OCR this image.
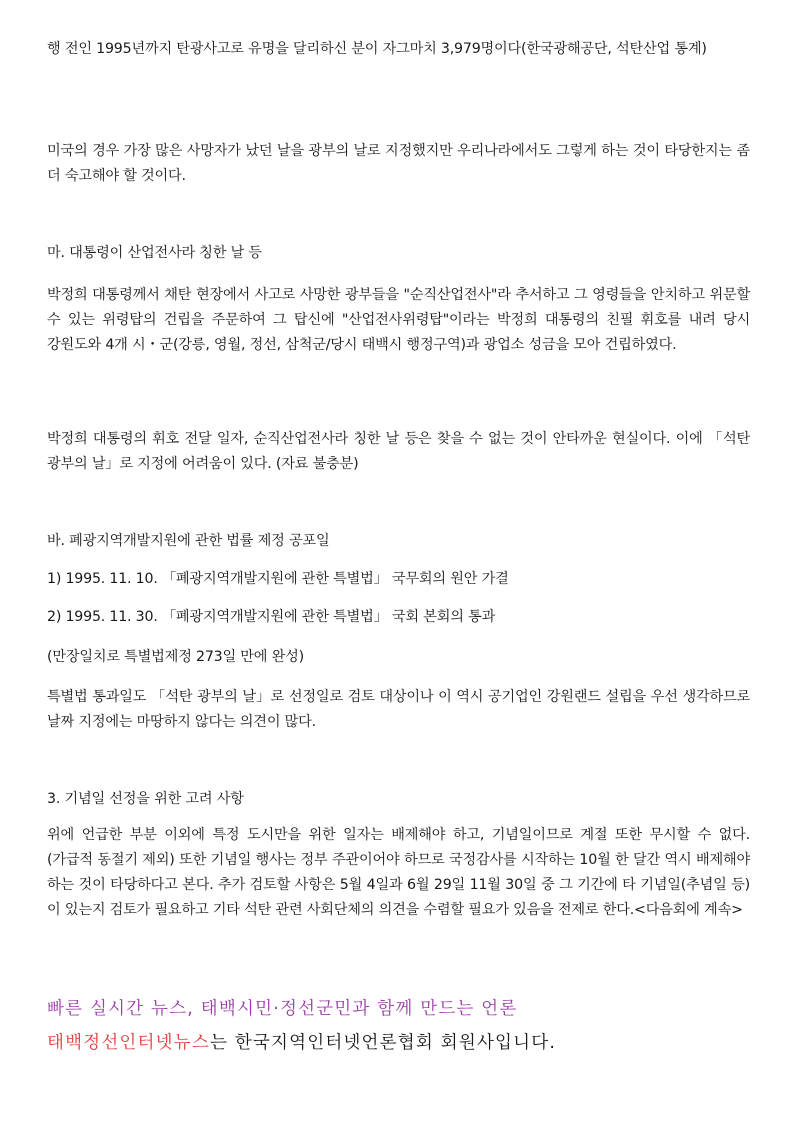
행 전인 1995년까지 탄광사고로 유명을 달리하신 분이 자그마치 3,979명이다(한국광해공단, 석탄산업 통계)
미국의 경우 가장 많은 사망자가 났던 날을 광부의 날로 지정했지만 우리나라에서도 그렇게 하는 것이 타당한지는 좀 더 숙고해야 할 것이다.
마. 대통령이 산업전사라 칭한 날 등
박정희 대통령께서 채탄 현장에서 사고로 사망한 광부들을 "순직산업전사"라 추서하고 그 영령들을 안치하고 위문할 수 있는 위령탑의 건립을 주문하여 그 탑신에 "산업전사위령탑"이라는 박정희 대통령의 친필 휘호를 내려 당시 강원도와 4개 시・군(강릉, 영월, 정선, 삼척군/당시 태백시 행정구역)과 광업소 성금을 모아 건립하였다.
박정희 대통령의 휘호 전달 일자, 순직산업전사라 칭한 날 등은 찾을 수 없는 것이 안타까운 현실이다. 이에 「석탄 광부의 날」로 지정에 어려움이 있다. (자료 불충분)
바. 폐광지역개발지원에 관한 법률 제정 공포일
1) 1995. 11. 10. 「폐광지역개발지원에 관한 특별법」 국무회의 원안 가결
2) 1995. 11. 30. 「폐광지역개발지원에 관한 특별법」 국회 본회의 통과
(만장일치로 특별법제정 273일 만에 완성)
특별법 통과일도 「석탄 광부의 날」로 선정일로 검토 대상이나 이 역시 공기업인 강원랜드 설립을 우선 생각하므로 날짜 지정에는 마땅하지 않다는 의견이 많다.
3. 기념일 선정을 위한 고려 사항
위에 언급한 부분 이외에 특정 도시만을 위한 일자는 배제해야 하고, 기념일이므로 계절 또한 무시할 수 없다. (가급적 동절기 제외) 또한 기념일 행사는 정부 주관이어야 하므로 국정감사를 시작하는 10월 한 달간 역시 배제해야 하는 것이 타당하다고 본다. 추가 검토할 사항은 5월 4일과 6월 29일 11월 30일 중 그 기간에 타 기념일(추념일 등)이 있는지 검토가 필요하고 기타 석탄 관련 사회단체의 의견을 수렴할 필요가 있음을 전제로 한다.<다음회에 계속>
빠른 실시간 뉴스, 태백시민·정선군민과 함께 만드는 언론
태백정선인터넷뉴스는 한국지역인터넷언론협회 회원사입니다.
